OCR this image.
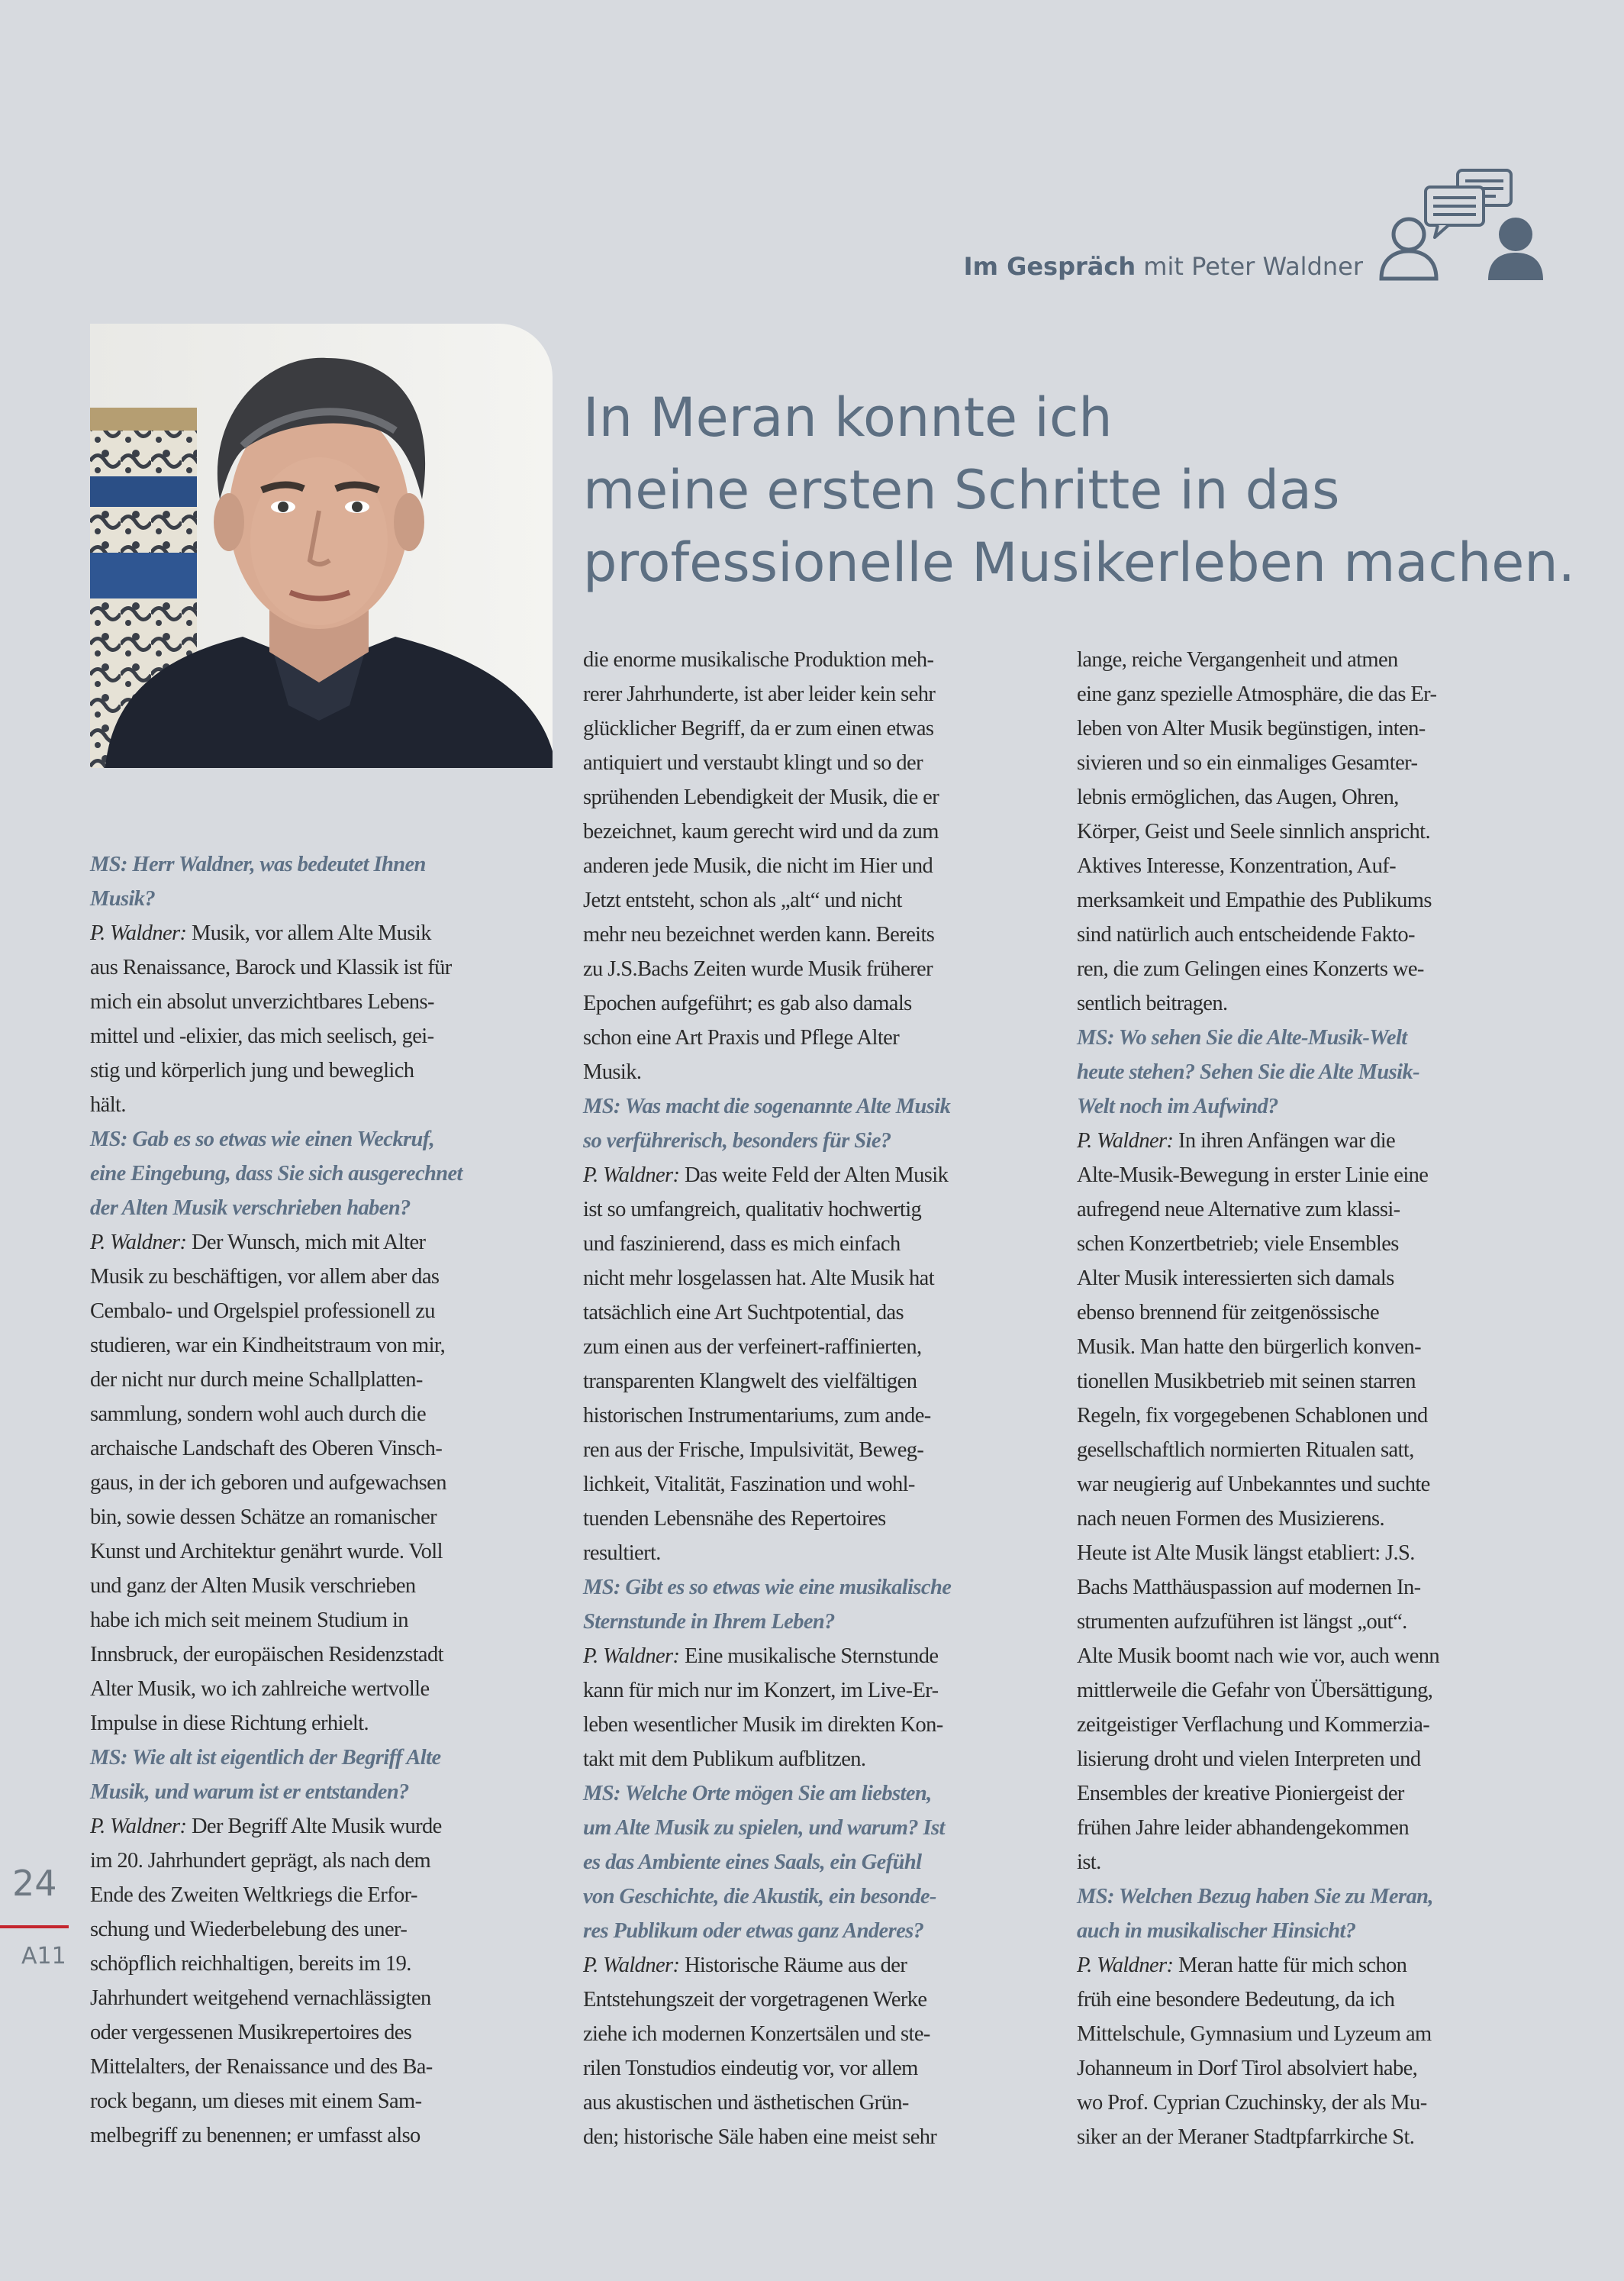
Im Gespräch mit Peter Waldner
In Meran konnte ich
meine ersten Schritte in das
professionelle Musikerleben machen.
MS: Herr Waldner, was bedeutet Ihnen
Musik?
P. Waldner: Musik, vor allem Alte Musik
aus Renaissance, Barock und Klassik ist für
mich ein absolut unverzichtbares Lebens-
mittel und -elixier, das mich seelisch, gei-
stig und körperlich jung und beweglich
hält.
MS: Gab es so etwas wie einen Weckruf,
eine Eingebung, dass Sie sich ausgerechnet
der Alten Musik verschrieben haben?
P. Waldner: Der Wunsch, mich mit Alter
Musik zu beschäftigen, vor allem aber das
Cembalo- und Orgelspiel professionell zu
studieren, war ein Kindheitstraum von mir,
der nicht nur durch meine Schallplatten-
sammlung, sondern wohl auch durch die
archaische Landschaft des Oberen Vinsch-
gaus, in der ich geboren und aufgewachsen
bin, sowie dessen Schätze an romanischer
Kunst und Architektur genährt wurde. Voll
und ganz der Alten Musik verschrieben
habe ich mich seit meinem Studium in
Innsbruck, der europäischen Residenzstadt
Alter Musik, wo ich zahlreiche wertvolle
Impulse in diese Richtung erhielt.
MS: Wie alt ist eigentlich der Begriff Alte
Musik, und warum ist er entstanden?
P. Waldner: Der Begriff Alte Musik wurde
im 20. Jahrhundert geprägt, als nach dem
Ende des Zweiten Weltkriegs die Erfor-
schung und Wiederbelebung des uner-
schöpflich reichhaltigen, bereits im 19.
Jahrhundert weitgehend vernachlässigten
oder vergessenen Musikrepertoires des
Mittelalters, der Renaissance und des Ba-
rock begann, um dieses mit einem Sam-
melbegriff zu benennen; er umfasst also
die enorme musikalische Produktion meh-
rerer Jahrhunderte, ist aber leider kein sehr
glücklicher Begriff, da er zum einen etwas
antiquiert und verstaubt klingt und so der
sprühenden Lebendigkeit der Musik, die er
bezeichnet, kaum gerecht wird und da zum
anderen jede Musik, die nicht im Hier und
Jetzt entsteht, schon als „alt“ und nicht
mehr neu bezeichnet werden kann. Bereits
zu J.S.Bachs Zeiten wurde Musik früherer
Epochen aufgeführt; es gab also damals
schon eine Art Praxis und Pflege Alter
Musik.
MS: Was macht die sogenannte Alte Musik
so verführerisch, besonders für Sie?
P. Waldner: Das weite Feld der Alten Musik
ist so umfangreich, qualitativ hochwertig
und faszinierend, dass es mich einfach
nicht mehr losgelassen hat. Alte Musik hat
tatsächlich eine Art Suchtpotential, das
zum einen aus der verfeinert-raffinierten,
transparenten Klangwelt des vielfältigen
historischen Instrumentariums, zum ande-
ren aus der Frische, Impulsivität, Beweg-
lichkeit, Vitalität, Faszination und wohl-
tuenden Lebensnähe des Repertoires
resultiert.
MS: Gibt es so etwas wie eine musikalische
Sternstunde in Ihrem Leben?
P. Waldner: Eine musikalische Sternstunde
kann für mich nur im Konzert, im Live-Er-
leben wesentlicher Musik im direkten Kon-
takt mit dem Publikum aufblitzen.
MS: Welche Orte mögen Sie am liebsten,
um Alte Musik zu spielen, und warum? Ist
es das Ambiente eines Saals, ein Gefühl
von Geschichte, die Akustik, ein besonde-
res Publikum oder etwas ganz Anderes?
P. Waldner: Historische Räume aus der
Entstehungszeit der vorgetragenen Werke
ziehe ich modernen Konzertsälen und ste-
rilen Tonstudios eindeutig vor, vor allem
aus akustischen und ästhetischen Grün-
den; historische Säle haben eine meist sehr
lange, reiche Vergangenheit und atmen
eine ganz spezielle Atmosphäre, die das Er-
leben von Alter Musik begünstigen, inten-
sivieren und so ein einmaliges Gesamter-
lebnis ermöglichen, das Augen, Ohren,
Körper, Geist und Seele sinnlich anspricht.
Aktives Interesse, Konzentration, Auf-
merksamkeit und Empathie des Publikums
sind natürlich auch entscheidende Fakto-
ren, die zum Gelingen eines Konzerts we-
sentlich beitragen.
MS: Wo sehen Sie die Alte-Musik-Welt
heute stehen? Sehen Sie die Alte Musik-
Welt noch im Aufwind?
P. Waldner: In ihren Anfängen war die
Alte-Musik-Bewegung in erster Linie eine
aufregend neue Alternative zum klassi-
schen Konzertbetrieb; viele Ensembles
Alter Musik interessierten sich damals
ebenso brennend für zeitgenössische
Musik. Man hatte den bürgerlich konven-
tionellen Musikbetrieb mit seinen starren
Regeln, fix vorgegebenen Schablonen und
gesellschaftlich normierten Ritualen satt,
war neugierig auf Unbekanntes und suchte
nach neuen Formen des Musizierens.
Heute ist Alte Musik längst etabliert: J.S.
Bachs Matthäuspassion auf modernen In-
strumenten aufzuführen ist längst „out“.
Alte Musik boomt nach wie vor, auch wenn
mittlerweile die Gefahr von Übersättigung,
zeitgeistiger Verflachung und Kommerzia-
lisierung droht und vielen Interpreten und
Ensembles der kreative Pioniergeist der
frühen Jahre leider abhandengekommen
ist.
MS: Welchen Bezug haben Sie zu Meran,
auch in musikalischer Hinsicht?
P. Waldner: Meran hatte für mich schon
früh eine besondere Bedeutung, da ich
Mittelschule, Gymnasium und Lyzeum am
Johanneum in Dorf Tirol absolviert habe,
wo Prof. Cyprian Czuchinsky, der als Mu-
siker an der Meraner Stadtpfarrkirche St.
24
A11
